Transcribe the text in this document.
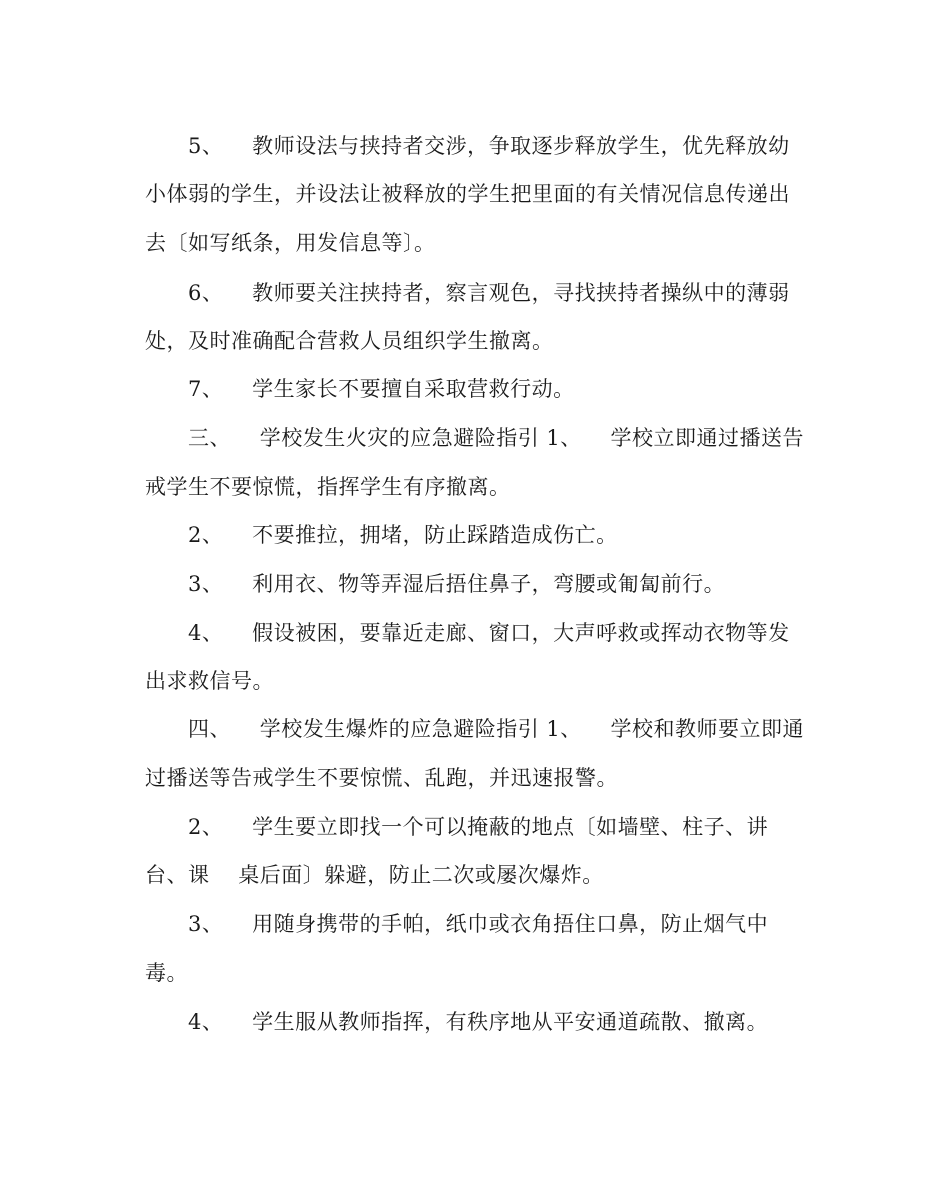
5、    教师设法与挟持者交涉，争取逐步释放学生，优先释放幼
小体弱的学生，并设法让被释放的学生把里面的有关情况信息传递出
去〔如写纸条，用发信息等〕。
6、    教师要关注挟持者，察言观色，寻找挟持者操纵中的薄弱
处，及时准确配合营救人员组织学生撤离。
7、    学生家长不要擅自采取营救行动。
三、    学校发生火灾的应急避险指引 1、    学校立即通过播送告
戒学生不要惊慌，指挥学生有序撤离。
2、    不要推拉，拥堵，防止踩踏造成伤亡。
3、    利用衣、物等弄湿后捂住鼻子，弯腰或匍匐前行。
4、    假设被困，要靠近走廊、窗口，大声呼救或挥动衣物等发
出求救信号。
四、    学校发生爆炸的应急避险指引 1、    学校和教师要立即通
过播送等告戒学生不要惊慌、乱跑，并迅速报警。
2、    学生要立即找一个可以掩蔽的地点〔如墙壁、柱子、讲
台、课    桌后面〕躲避，防止二次或屡次爆炸。
3、    用随身携带的手帕，纸巾或衣角捂住口鼻，防止烟气中
毒。
4、    学生服从教师指挥，有秩序地从平安通道疏散、撤离。
